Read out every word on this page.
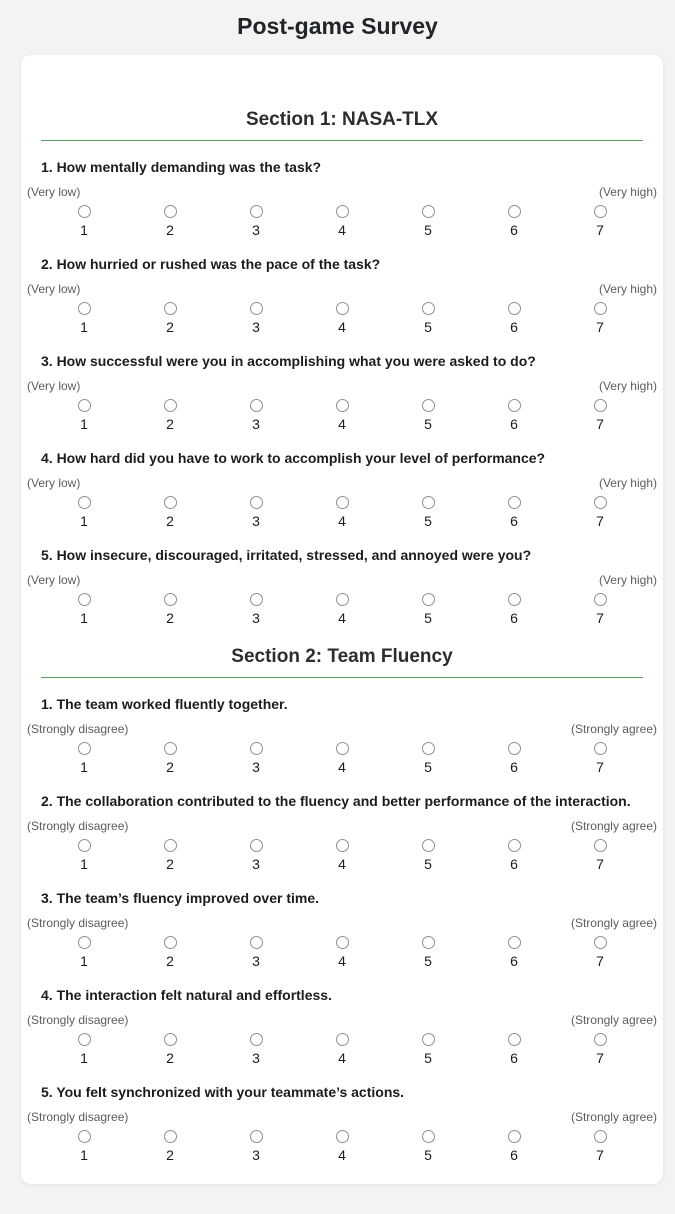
Post-game Survey
Section 1: NASA-TLX
1. How mentally demanding was the task?
(Very low)	(Very high)
1	2	3	4	5	6	7
2. How hurried or rushed was the pace of the task?
(Very low)	(Very high)
1	2	3	4	5	6	7
3. How successful were you in accomplishing what you were asked to do?
(Very low)	(Very high)
1	2	3	4	5	6	7
4. How hard did you have to work to accomplish your level of performance?
(Very low)	(Very high)
1	2	3	4	5	6	7
5. How insecure, discouraged, irritated, stressed, and annoyed were you?
(Very low)	(Very high)
1	2	3	4	5	6	7
Section 2: Team Fluency
1. The team worked fluently together.
(Strongly disagree)	(Strongly agree)
1	2	3	4	5	6	7
2. The collaboration contributed to the fluency and better performance of the interaction.
(Strongly disagree)	(Strongly agree)
1	2	3	4	5	6	7
3. The team’s fluency improved over time.
(Strongly disagree)	(Strongly agree)
1	2	3	4	5	6	7
4. The interaction felt natural and effortless.
(Strongly disagree)	(Strongly agree)
1	2	3	4	5	6	7
5. You felt synchronized with your teammate’s actions.
(Strongly disagree)	(Strongly agree)
1	2	3	4	5	6	7
